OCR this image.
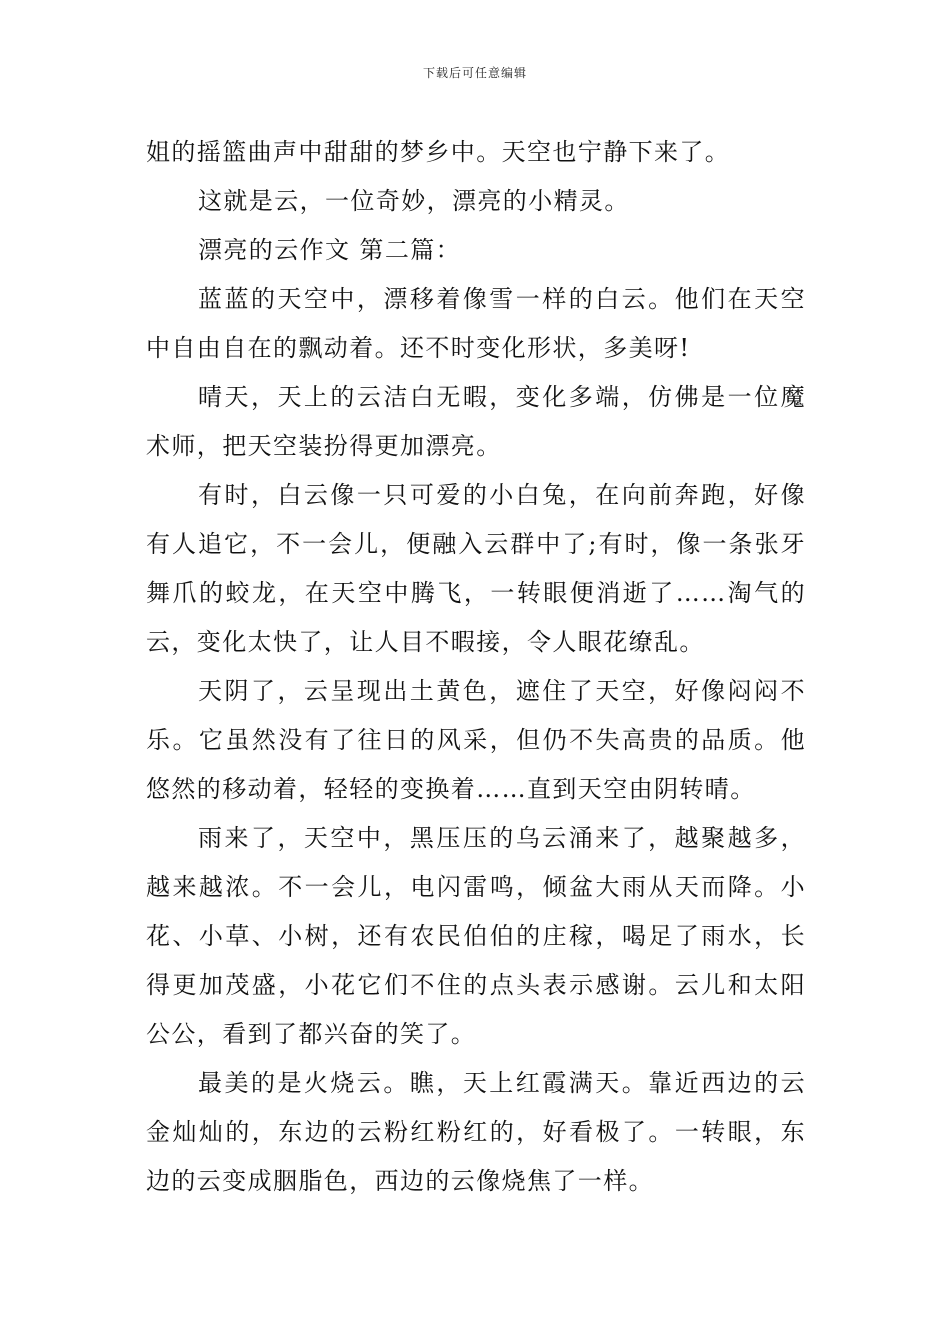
下载后可任意编辑

姐的摇篮曲声中甜甜的梦乡中。天空也宁静下来了。

这就是云，一位奇妙，漂亮的小精灵。

漂亮的云作文 第二篇：

蓝蓝的天空中，漂移着像雪一样的白云。他们在天空中自由自在的飘动着。还不时变化形状，多美呀!

晴天，天上的云洁白无暇，变化多端，仿佛是一位魔术师，把天空装扮得更加漂亮。

有时，白云像一只可爱的小白兔，在向前奔跑，好像有人追它，不一会儿，便融入云群中了;有时，像一条张牙舞爪的蛟龙，在天空中腾飞，一转眼便消逝了……淘气的云，变化太快了，让人目不暇接，令人眼花缭乱。

天阴了，云呈现出土黄色，遮住了天空，好像闷闷不乐。它虽然没有了往日的风采，但仍不失高贵的品质。他悠然的移动着，轻轻的变换着……直到天空由阴转晴。

雨来了，天空中，黑压压的乌云涌来了，越聚越多，越来越浓。不一会儿，电闪雷鸣，倾盆大雨从天而降。小花、小草、小树，还有农民伯伯的庄稼，喝足了雨水，长得更加茂盛，小花它们不住的点头表示感谢。云儿和太阳公公，看到了都兴奋的笑了。

最美的是火烧云。瞧，天上红霞满天。靠近西边的云金灿灿的，东边的云粉红粉红的，好看极了。一转眼，东边的云变成胭脂色，西边的云像烧焦了一样。
